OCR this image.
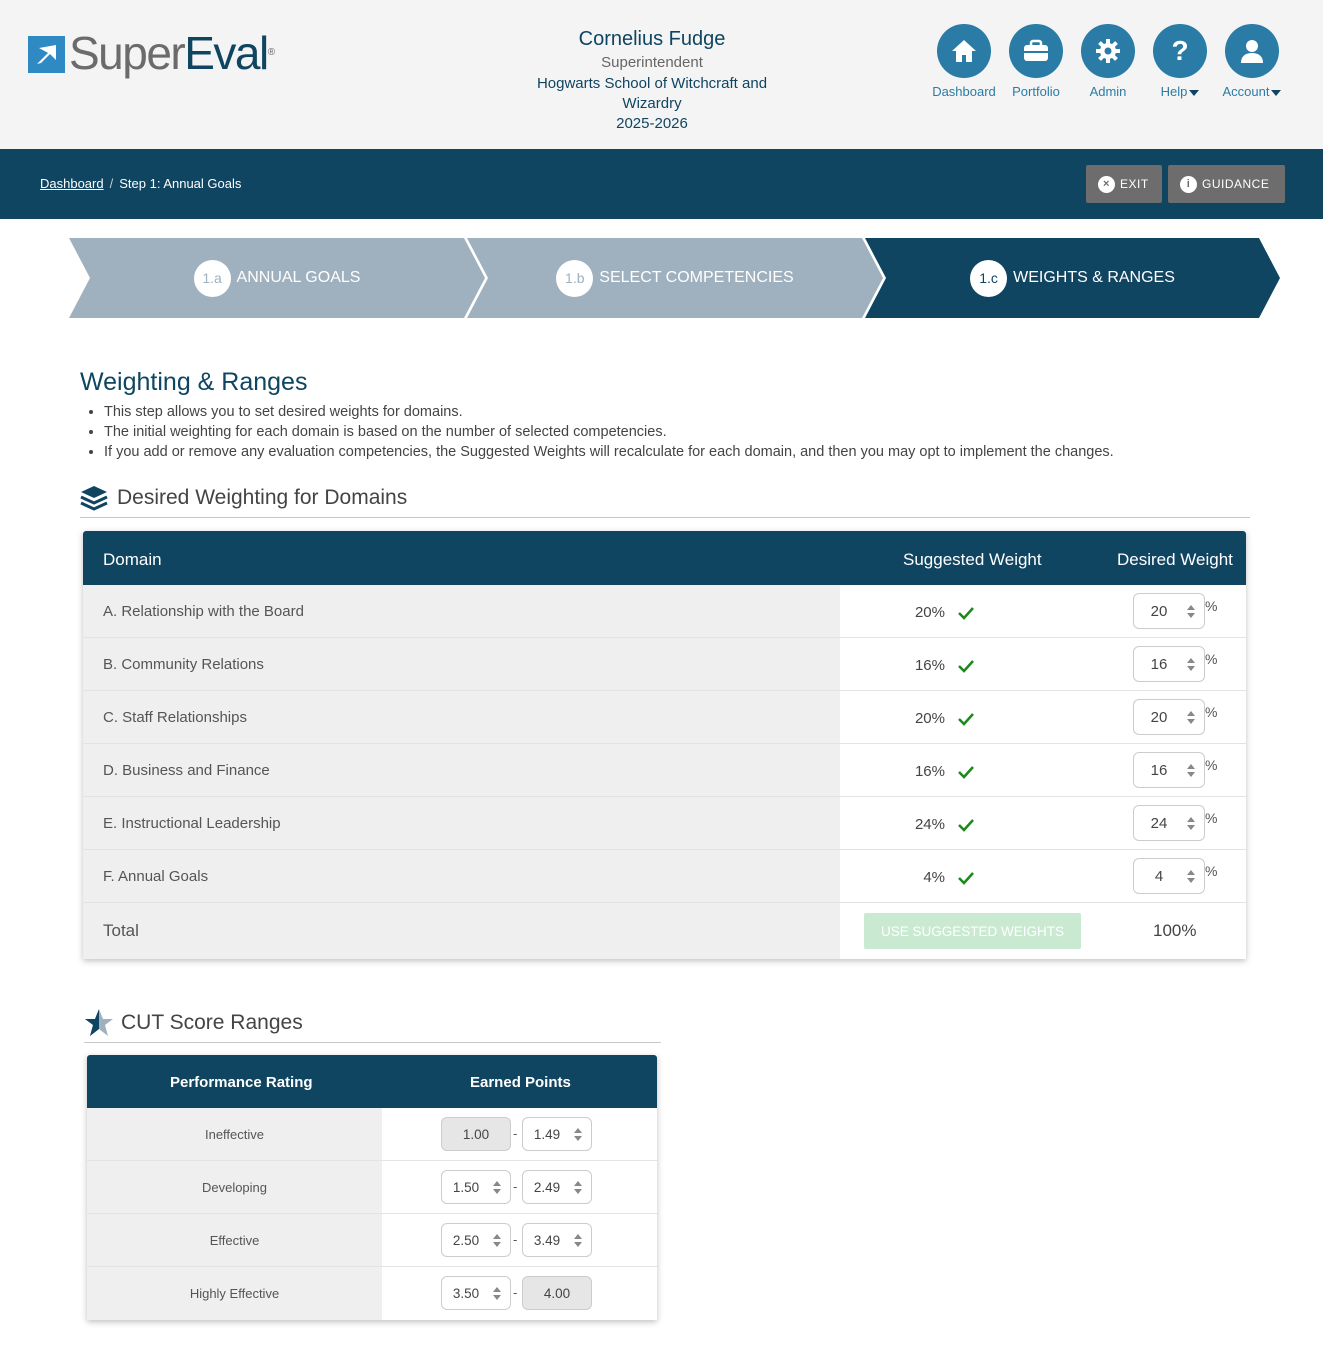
SuperEval®
Cornelius Fudge
Superintendent
Hogwarts School of Witchcraft and
Wizardry
2025-2026
Dashboard	Portfolio	Admin
?
Help	Account
Dashboard / Step 1: Annual Goals	× EXIT	i GUIDANCE
1.a ANNUAL GOALS	1.b SELECT COMPETENCIES	1.c WEIGHTS & RANGES
Weighting & Ranges
• This step allows you to set desired weights for domains.
• The initial weighting for each domain is based on the number of selected competencies.
• If you add or remove any evaluation competencies, the Suggested Weights will recalculate for each domain, and then you may opt to implement the changes.
Desired Weighting for Domains
Domain	Suggested Weight	Desired Weight
A. Relationship with the Board	20%	20	%
B. Community Relations	16%	16	%
C. Staff Relationships	20%	20	%
D. Business and Finance	16%	16	%
E. Instructional Leadership	24%	24	%
F. Annual Goals	4%	4	%
Total	USE SUGGESTED WEIGHTS	100%
CUT Score Ranges
Performance Rating	Earned Points
Ineffective	1.00	-	1.49
Developing	1.50	-	2.49
Effective	2.50	-	3.49
Highly Effective	3.50	-	4.00
